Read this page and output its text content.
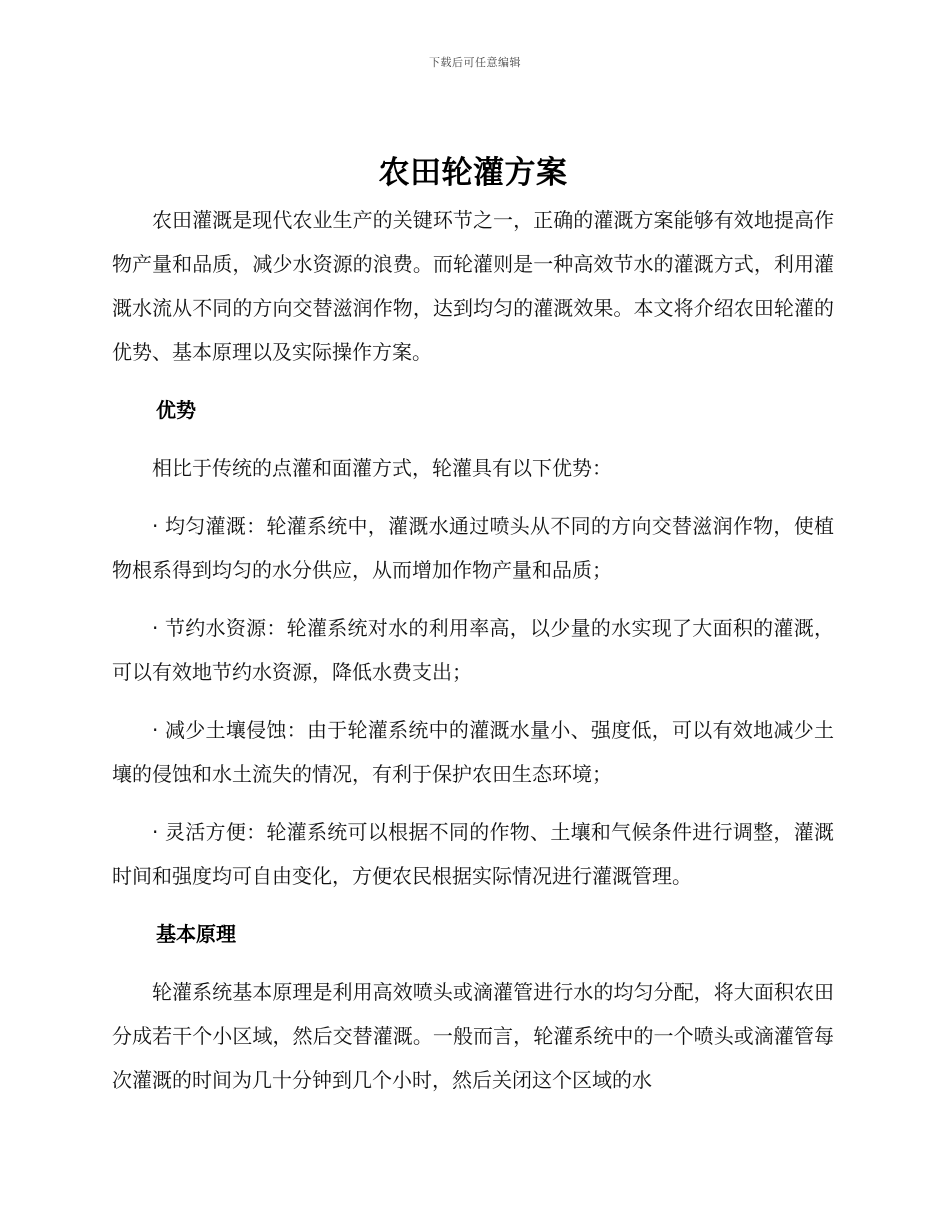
下载后可任意编辑
农田轮灌方案

农田灌溉是现代农业生产的关键环节之一，正确的灌溉方案能够有效地提高作物产量和品质，减少水资源的浪费。而轮灌则是一种高效节水的灌溉方式，利用灌溉水流从不同的方向交替滋润作物，达到均匀的灌溉效果。本文将介绍农田轮灌的优势、基本原理以及实际操作方案。

优势

相比于传统的点灌和面灌方式，轮灌具有以下优势：

· 均匀灌溉：轮灌系统中，灌溉水通过喷头从不同的方向交替滋润作物，使植物根系得到均匀的水分供应，从而增加作物产量和品质；

· 节约水资源：轮灌系统对水的利用率高，以少量的水实现了大面积的灌溉，可以有效地节约水资源，降低水费支出；

· 减少土壤侵蚀：由于轮灌系统中的灌溉水量小、强度低，可以有效地减少土壤的侵蚀和水土流失的情况，有利于保护农田生态环境；

· 灵活方便：轮灌系统可以根据不同的作物、土壤和气候条件进行调整，灌溉时间和强度均可自由变化，方便农民根据实际情况进行灌溉管理。

基本原理

轮灌系统基本原理是利用高效喷头或滴灌管进行水的均匀分配，将大面积农田分成若干个小区域，然后交替灌溉。一般而言，轮灌系统中的一个喷头或滴灌管每次灌溉的时间为几十分钟到几个小时，然后关闭这个区域的水
